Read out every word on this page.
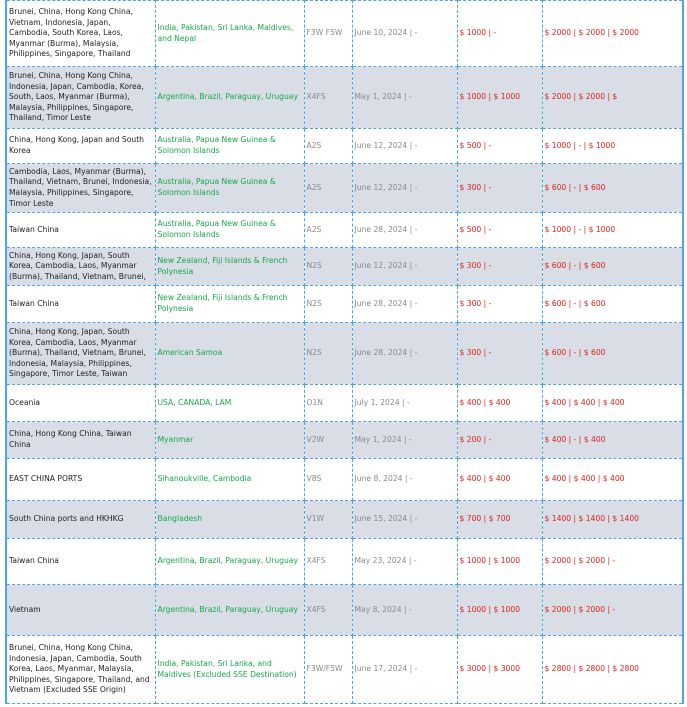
Brunei, China, Hong Kong China, Vietnam, Indonesia, Japan, Cambodia, South Korea, Laos, Myanmar (Burma), Malaysia, Philippines, Singapore, Thailand	India, Pakistan, Sri Lanka, Maldives, and Nepal	F3W F5W	June 10, 2024 | -	$ 1000 | -	$ 2000 | $ 2000 | $ 2000
Brunei, China, Hong Kong China, Indonesia, Japan, Cambodia, Korea, South, Laos, Myanmar (Burma), Malaysia, Philippines, Singapore, Thailand, Timor Leste	Argentina, Brazil, Paraguay, Uruguay	X4FS	May 1, 2024 | -	$ 1000 | $ 1000	$ 2000 | $ 2000 | $
China, Hong Kong, Japan and South Korea	Australia, Papua New Guinea & Solomon Islands	A2S	June 12, 2024 | -	$ 500 | -	$ 1000 | - | $ 1000
Cambodia, Laos, Myanmar (Burma), Thailand, Vietnam, Brunei, Indonesia, Malaysia, Philippines, Singapore, Timor Leste	Australia, Papua New Guinea & Solomon Islands	A2S	June 12, 2024 | -	$ 300 | -	$ 600 | - | $ 600
Taiwan China	Australia, Papua New Guinea & Solomon Islands	A2S	June 28, 2024 | -	$ 500 | -	$ 1000 | - | $ 1000
China, Hong Kong, Japan, South Korea, Cambodia, Laos, Myanmar (Burma), Thailand, Vietnam, Brunei,	New Zealand, Fiji Islands & French Polynesia	N2S	June 12, 2024 | -	$ 300 | -	$ 600 | - | $ 600
Taiwan China	New Zealand, Fiji Islands & French Polynesia	N2S	June 28, 2024 | -	$ 300 | -	$ 600 | - | $ 600
China, Hong Kong, Japan, South Korea, Cambodia, Laos, Myanmar (Burma), Thailand, Vietnam, Brunei, Indonesia, Malaysia, Philippines, Singapore, Timor Leste, Taiwan	American Samoa	N2S	June 28, 2024 | -	$ 300 | -	$ 600 | - | $ 600
Oceania	USA, CANADA, LAM	O1N	July 1, 2024 | -	$ 400 | $ 400	$ 400 | $ 400 | $ 400
China, Hong Kong China, Taiwan China	Myanmar	V2W	May 1, 2024 | -	$ 200 | -	$ 400 | - | $ 400
EAST CHINA PORTS	Sihanoukville, Cambodia	V8S	June 8, 2024 | -	$ 400 | $ 400	$ 400 | $ 400 | $ 400
South China ports and HKHKG	Bangladesh	V1W	June 15, 2024 | -	$ 700 | $ 700	$ 1400 | $ 1400 | $ 1400
Taiwan China	Argentina, Brazil, Paraguay, Uruguay	X4FS	May 23, 2024 | -	$ 1000 | $ 1000	$ 2000 | $ 2000 | -
Vietnam	Argentina, Brazil, Paraguay, Uruguay	X4FS	May 8, 2024 | -	$ 1000 | $ 1000	$ 2000 | $ 2000 | -
Brunei, China, Hong Kong China, Indonesia, Japan, Cambodia, South Korea, Laos, Myanmar, Malaysia, Philippines, Singapore, Thailand, and Vietnam (Excluded SSE Origin)	India, Pakistan, Sri Lanka, and Maldives (Excluded SSE Destination)	F3W/F5W	June 17, 2024 | -	$ 3000 | $ 3000	$ 2800 | $ 2800 | $ 2800
